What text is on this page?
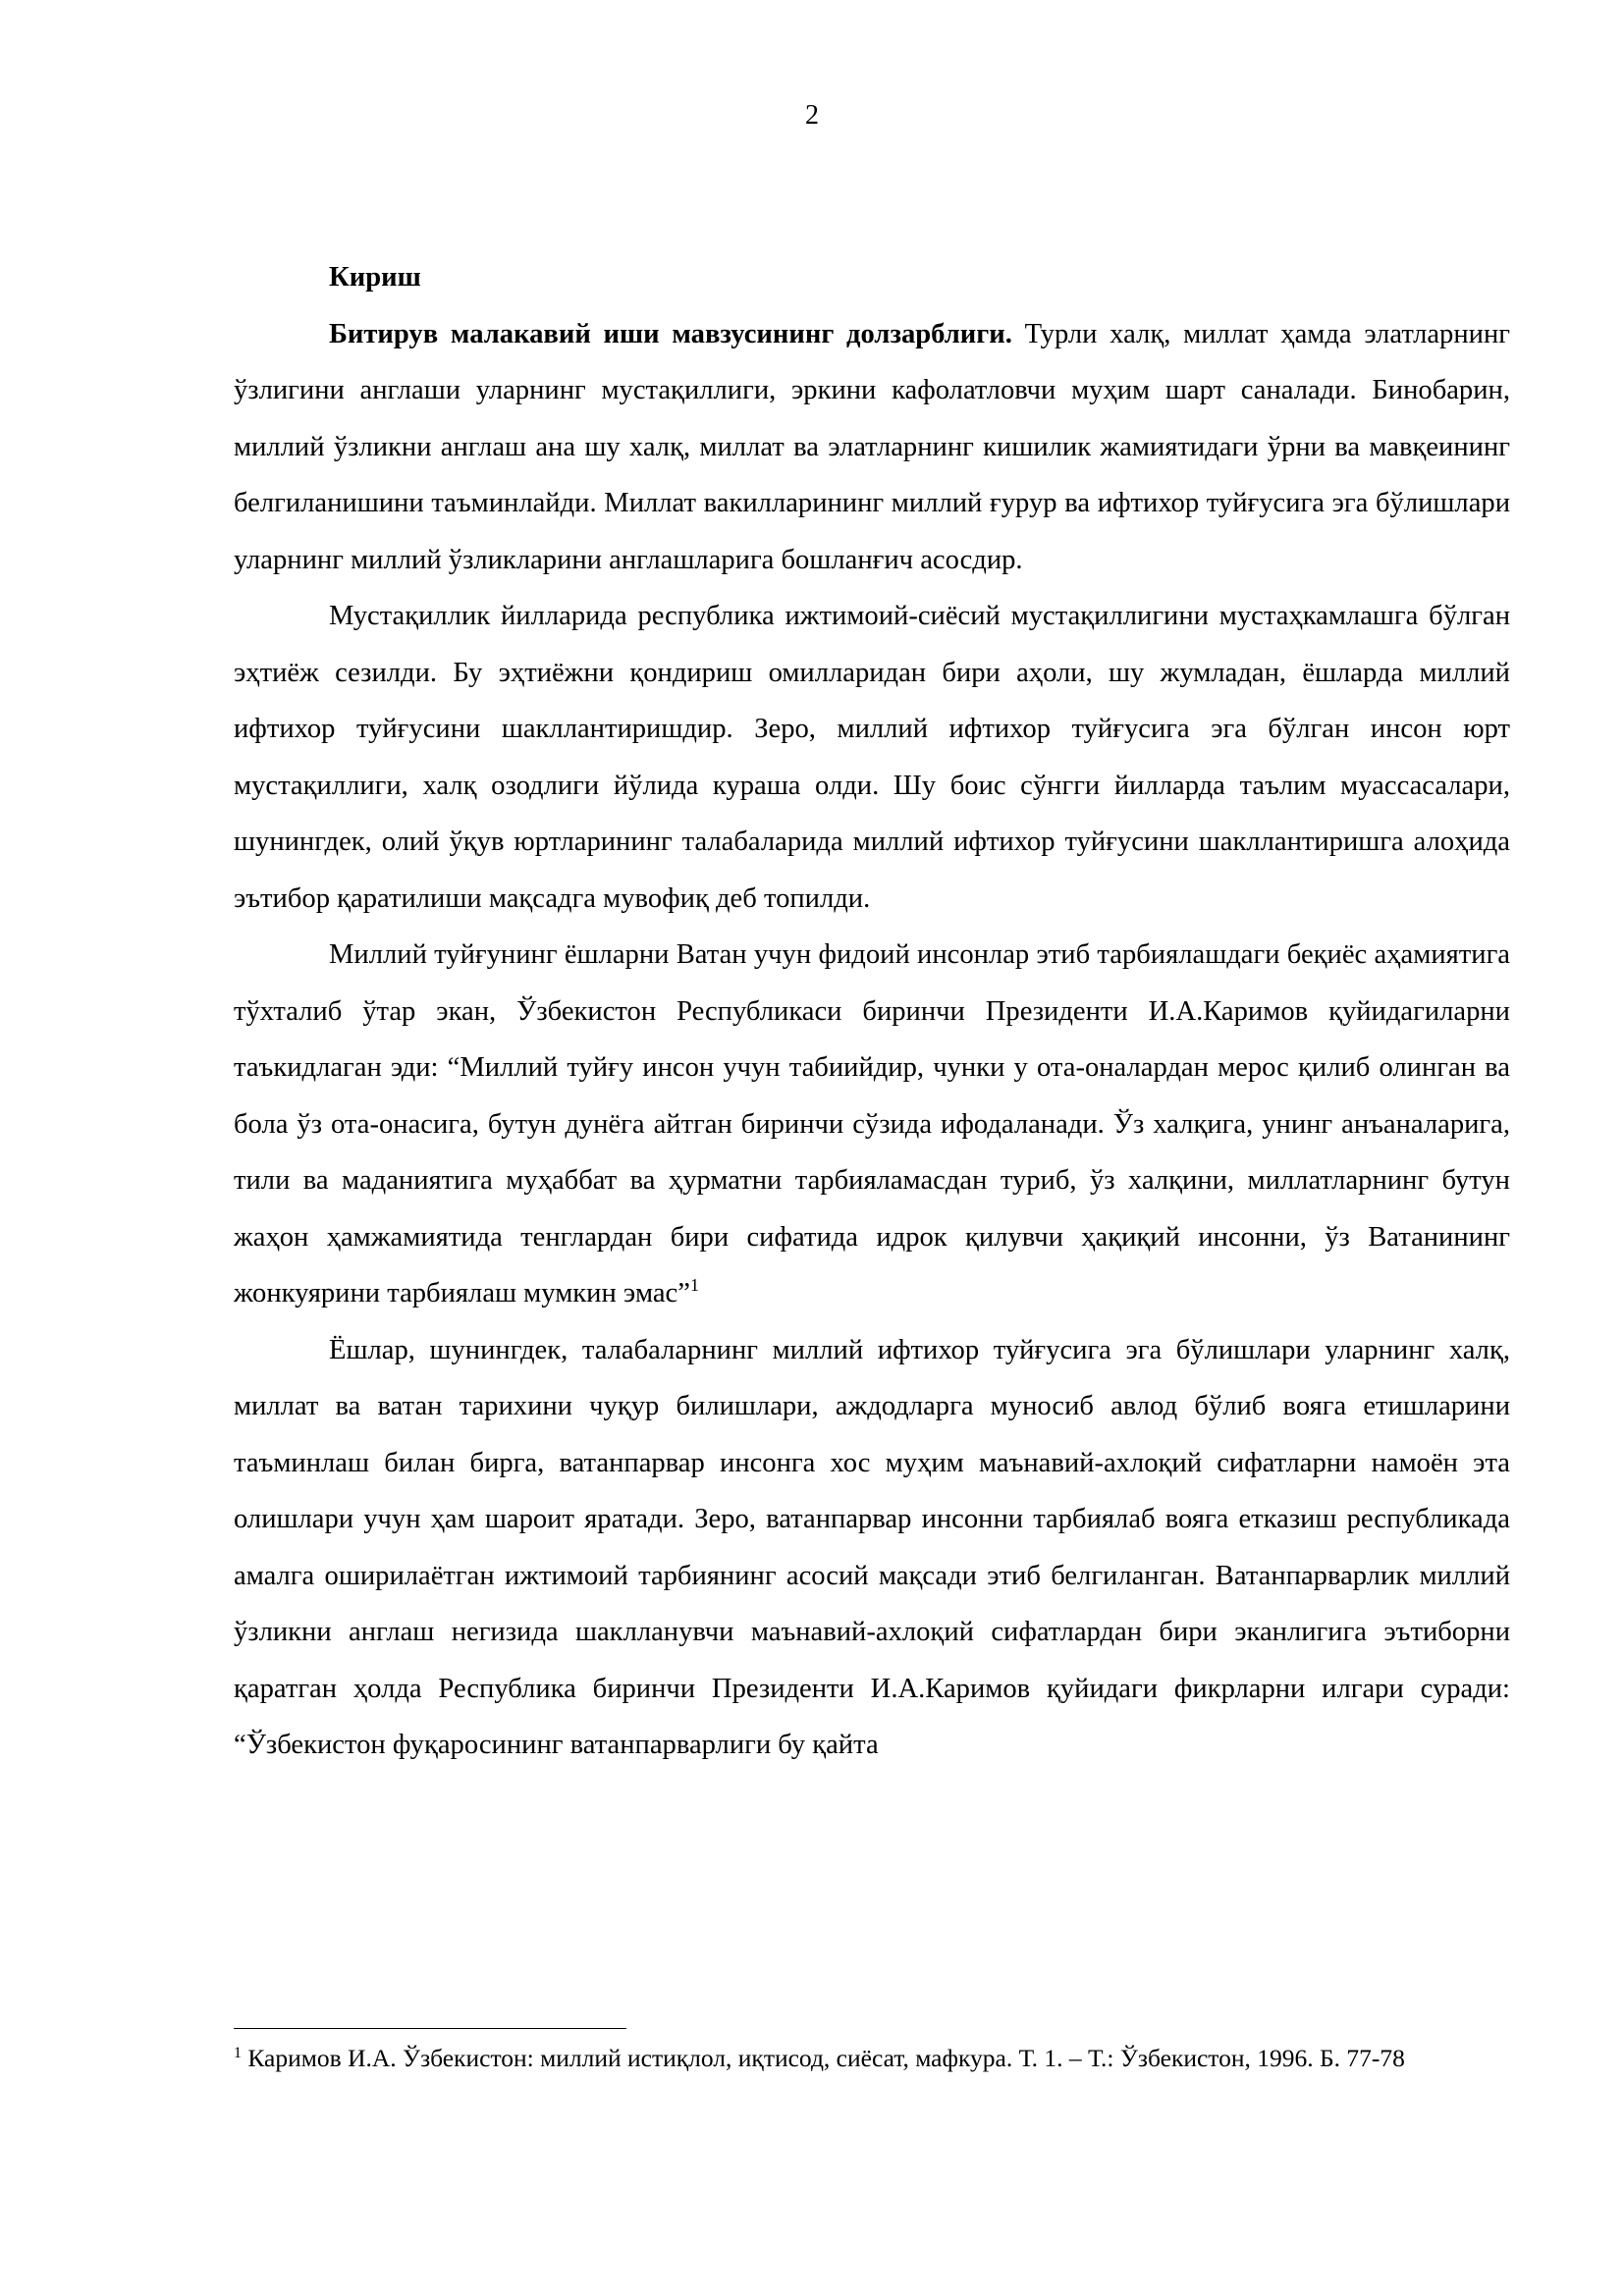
2

Кириш

Битирув малакавий иши мавзусининг долзарблиги. Турли халқ, миллат ҳамда элатларнинг ўзлигини англаши уларнинг мустақиллиги, эркини кафолатловчи муҳим шарт саналади. Бинобарин, миллий ўзликни англаш ана шу халқ, миллат ва элатларнинг кишилик жамиятидаги ўрни ва мавқеининг белгиланишини таъминлайди. Миллат вакилларининг миллий ғурур ва ифтихор туйғусига эга бўлишлари уларнинг миллий ўзликларини англашларига бошланғич асосдир.

Мустақиллик йилларида республика ижтимоий-сиёсий мустақиллигини мустаҳкамлашга бўлган эҳтиёж сезилди. Бу эҳтиёжни қондириш омилларидан бири аҳоли, шу жумладан, ёшларда миллий ифтихор туйғусини шакллантиришдир. Зеро, миллий ифтихор туйғусига эга бўлган инсон юрт мустақиллиги, халқ озодлиги йўлида кураша олди. Шу боис сўнгги йилларда таълим муассасалари, шунингдек, олий ўқув юртларининг талабаларида миллий ифтихор туйғусини шакллантиришга алоҳида эътибор қаратилиши мақсадга мувофиқ деб топилди.

Миллий туйғунинг ёшларни Ватан учун фидоий инсонлар этиб тарбиялашдаги беқиёс аҳамиятига тўхталиб ўтар экан, Ўзбекистон Республикаси биринчи Президенти И.А.Каримов қуйидагиларни таъкидлаган эди: “Миллий туйғу инсон учун табиийдир, чунки у ота-оналардан мерос қилиб олинган ва бола ўз ота-онасига, бутун дунёга айтган биринчи сўзида ифодаланади. Ўз халқига, унинг анъаналарига, тили ва маданиятига муҳаббат ва ҳурматни тарбияламасдан туриб, ўз халқини, миллатларнинг бутун жаҳон ҳамжамиятида тенглардан бири сифатида идрок қилувчи ҳақиқий инсонни, ўз Ватанининг жонкуярини тарбиялаш мумкин эмас”$^1$

Ёшлар, шунингдек, талабаларнинг миллий ифтихор туйғусига эга бўлишлари уларнинг халқ, миллат ва ватан тарихини чуқур билишлари, аждодларга муносиб авлод бўлиб вояга етишларини таъминлаш билан бирга, ватанпарвар инсонга хос муҳим маънавий-ахлоқий сифатларни намоён эта олишлари учун ҳам шароит яратади. Зеро, ватанпарвар инсонни тарбиялаб вояга етказиш республикада амалга оширилаётган ижтимоий тарбиянинг асосий мақсади этиб белгиланган. Ватанпарварлик миллий ўзликни англаш негизида шаклланувчи маънавий-ахлоқий сифатлардан бири эканлигига эътиборни қаратган ҳолда Республика биринчи Президенти И.А.Каримов қуйидаги фикрларни илгари суради: “Ўзбекистон фуқаросининг ватанпарварлиги бу қайта

$^1$ Каримов И.А. Ўзбекистон: миллий истиқлол, иқтисод, сиёсат, мафкура. Т. 1. – Т.: Ўзбекистон, 1996. Б. 77-78
